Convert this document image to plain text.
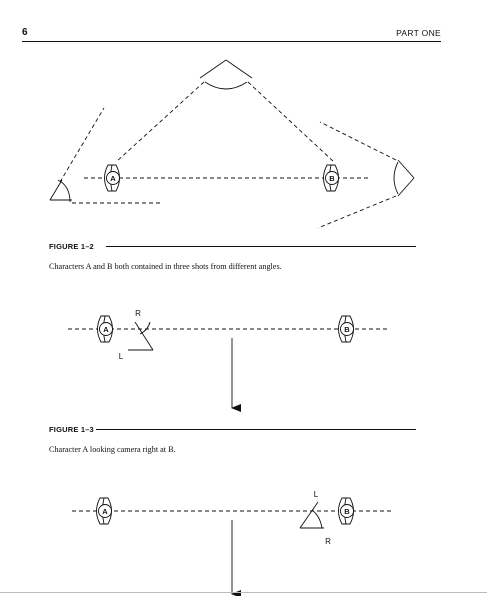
6	PART ONE
A	B
A	B
R
L
A	B
L
R
FIGURE 1–2
Characters A and B both contained in three shots from different angles.
FIGURE 1–3
Character A looking camera right at B.
